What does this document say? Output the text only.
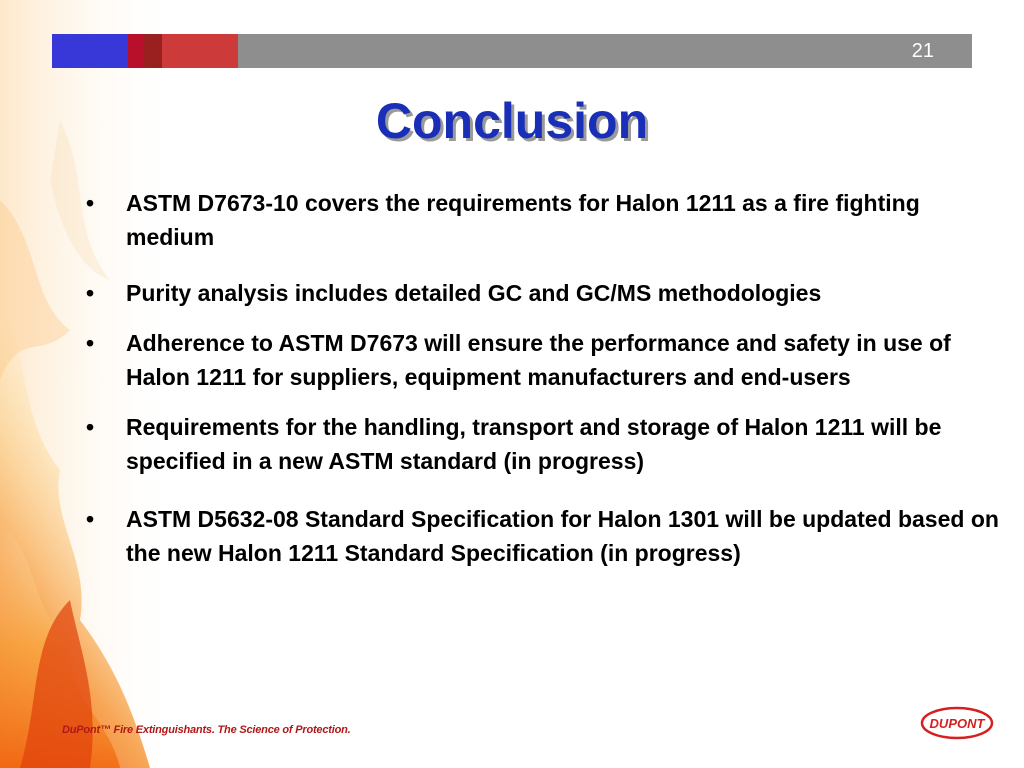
21
Conclusion
• ASTM D7673-10 covers the requirements for Halon 1211 as a fire fighting medium
• Purity analysis includes detailed GC and GC/MS methodologies
• Adherence to ASTM D7673 will ensure the performance and safety in use of Halon 1211 for suppliers, equipment manufacturers and end-users
• Requirements for the handling, transport and storage of Halon 1211 will be specified in a new ASTM standard (in progress)
• ASTM D5632-08 Standard Specification for Halon 1301 will be updated based on the new Halon 1211 Standard Specification (in progress)
DuPont™ Fire Extinguishants. The Science of Protection.	DUPONT
